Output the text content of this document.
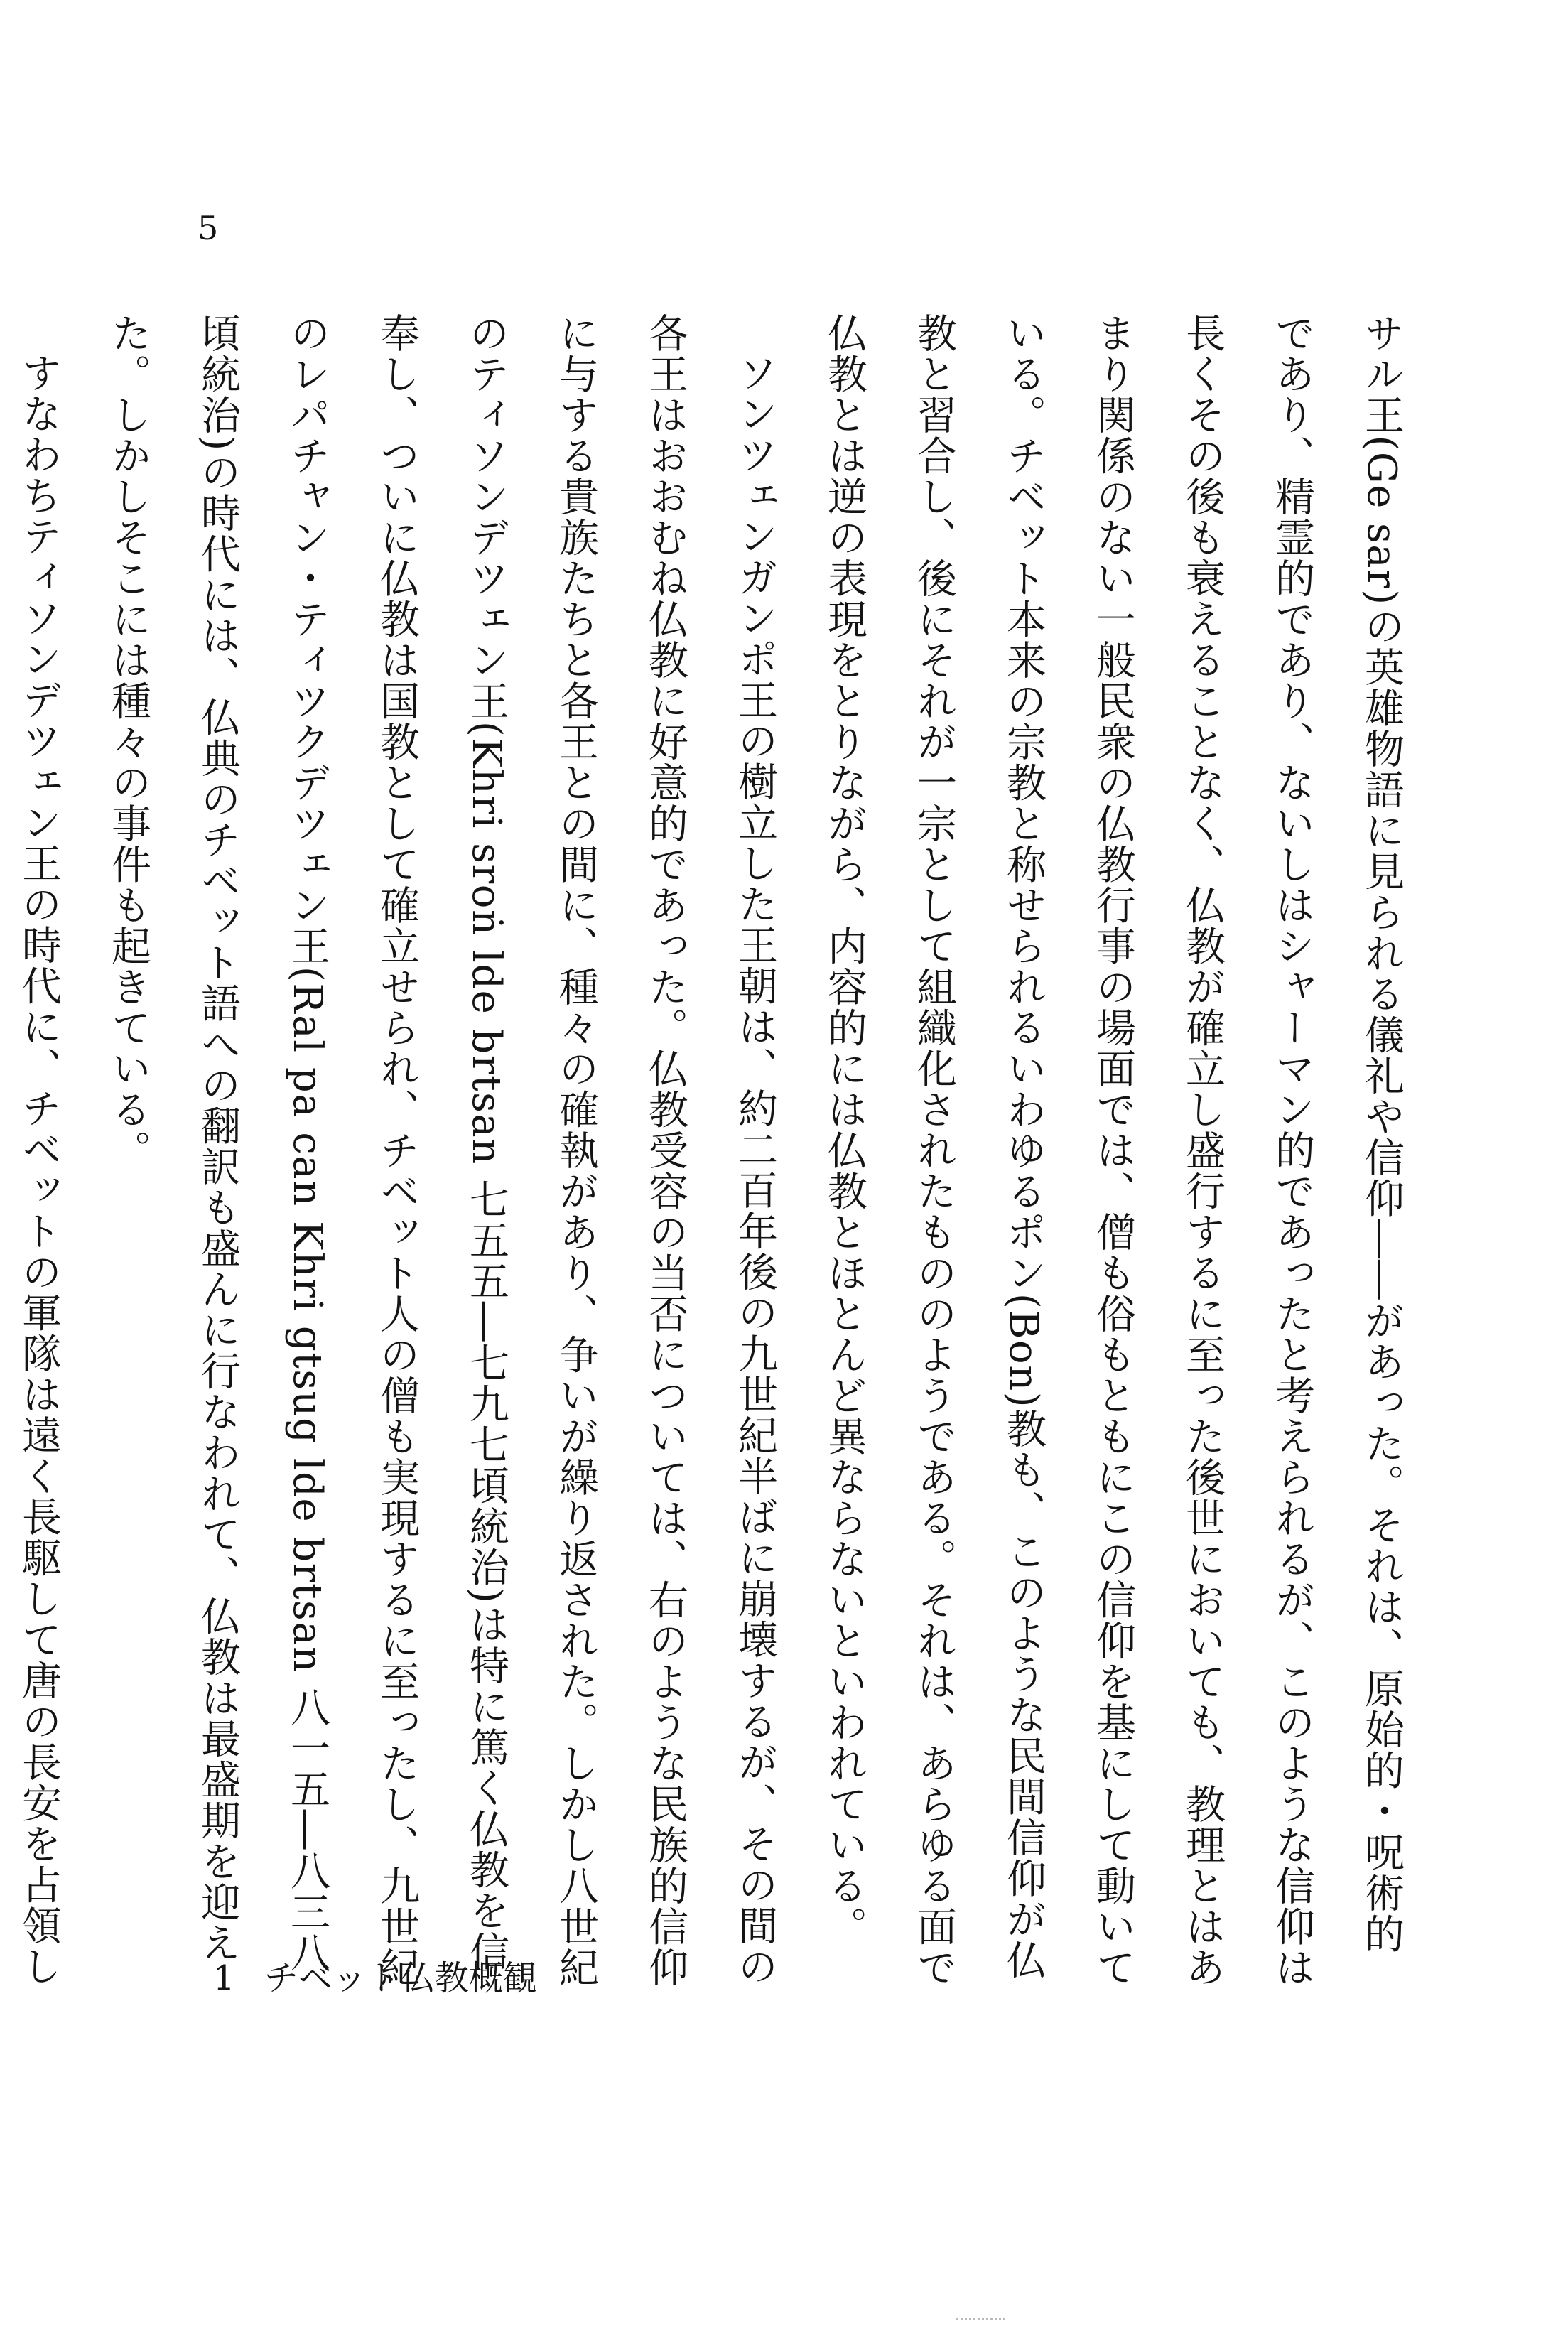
5

サル王(Ge sar)の英雄物語に見られる儀礼や信仰――があった。それは、原始的・呪術的であり、精霊的であり、ないしはシャーマン的であったと考えられるが、このような信仰は長くその後も衰えることなく、仏教が確立し盛行するに至った後世においても、教理とはあまり関係のない一般民衆の仏教行事の場面では、僧も俗もともにこの信仰を基にして動いている。チベット本来の宗教と称せられるいわゆるポン(Bon)教も、このような民間信仰が仏教と習合し、後にそれが一宗として組織化されたもののようである。それは、あらゆる面で仏教とは逆の表現をとりながら、内容的には仏教とほとんど異ならないといわれている。

ソンツェンガンポ王の樹立した王朝は、約二百年後の九世紀半ばに崩壊するが、その間の各王はおおむね仏教に好意的であった。仏教受容の当否については、右のような民族的信仰に与する貴族たちと各王との間に、種々の確執があり、争いが繰り返された。しかし八世紀のティソンデツェン王(Khri sroṅ lde brtsan 七五五―七九七頃統治)は特に篤く仏教を信奉し、ついに仏教は国教として確立せられ、チベット人の僧も実現するに至ったし、九世紀のレパチャン・ティツクデツェン王(Ral pa can Khri gtsug lde brtsan 八一五―八三八頃統治)の時代には、仏典のチベット語への翻訳も盛んに行なわれて、仏教は最盛期を迎えた。しかしそこには種々の事件も起きている。

すなわちティソンデツェン王の時代に、チベットの軍隊は遠く長駆して唐の長安を占領し	1 チベット仏教概観
